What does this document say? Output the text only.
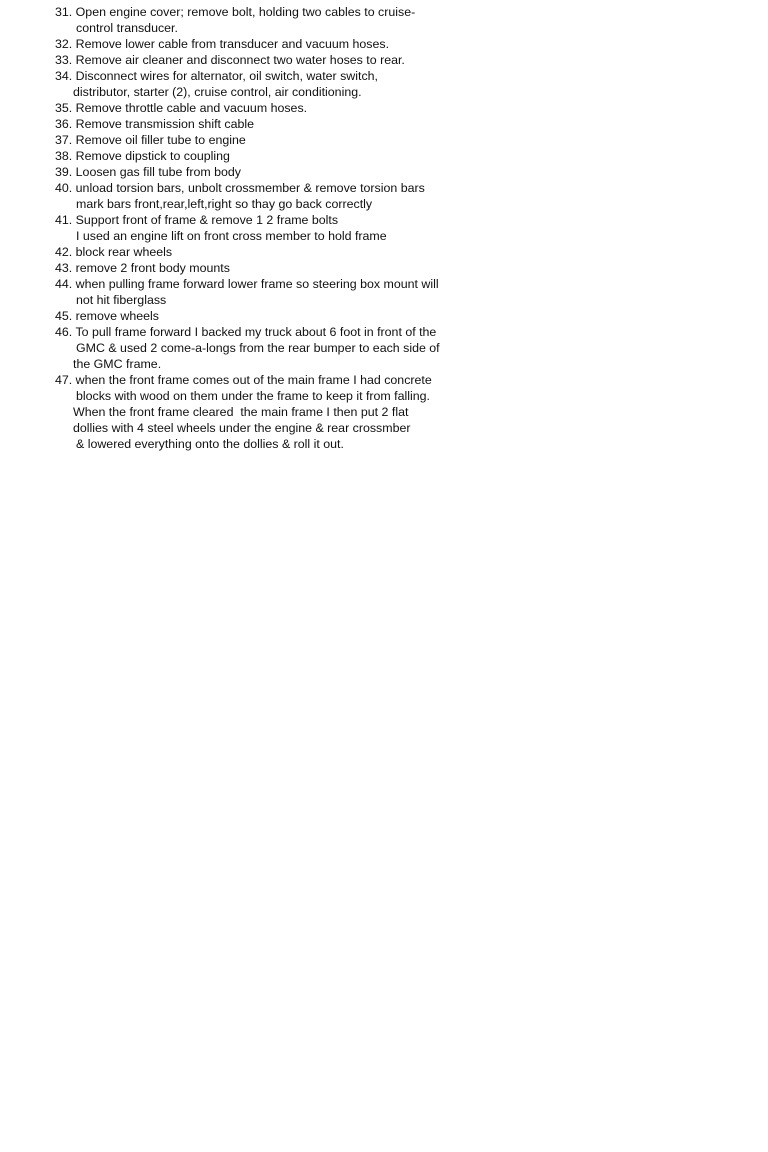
31. Open engine cover; remove bolt, holding two cables to cruise-
control transducer.
32. Remove lower cable from transducer and vacuum hoses.
33. Remove air cleaner and disconnect two water hoses to rear.
34. Disconnect wires for alternator, oil switch, water switch,
distributor, starter (2), cruise control, air conditioning.
35. Remove throttle cable and vacuum hoses.
36. Remove transmission shift cable
37. Remove oil filler tube to engine
38. Remove dipstick to coupling
39. Loosen gas fill tube from body
40. unload torsion bars, unbolt crossmember & remove torsion bars
mark bars front,rear,left,right so thay go back correctly
41. Support front of frame & remove 1 2 frame bolts
I used an engine lift on front cross member to hold frame
42. block rear wheels
43. remove 2 front body mounts
44. when pulling frame forward lower frame so steering box mount will
not hit fiberglass
45. remove wheels
46. To pull frame forward I backed my truck about 6 foot in front of the
GMC & used 2 come-a-longs from the rear bumper to each side of
the GMC frame.
47. when the front frame comes out of the main frame I had concrete
blocks with wood on them under the frame to keep it from falling.
When the front frame cleared  the main frame I then put 2 flat
dollies with 4 steel wheels under the engine & rear crossmber
& lowered everything onto the dollies & roll it out.
